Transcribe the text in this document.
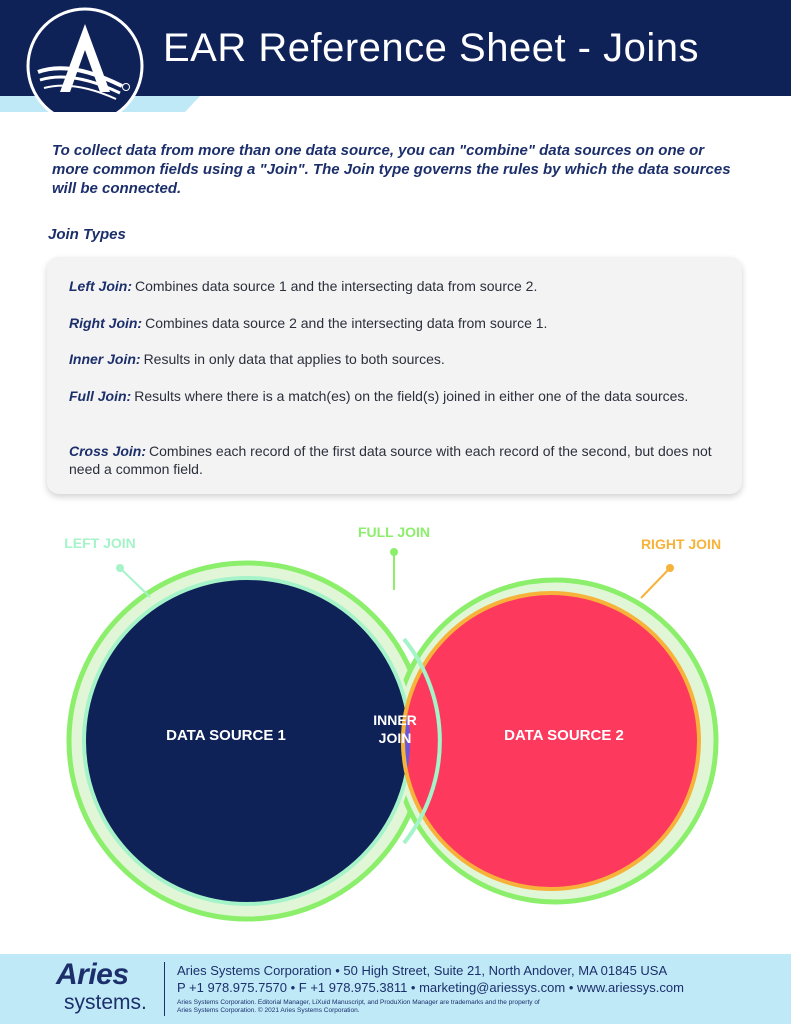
EAR Reference Sheet - Joins
To collect data from more than one data source, you can "combine" data sources on one or more common fields using a "Join". The Join type governs the rules by which the data sources will be connected.
Join Types
Left Join: Combines data source 1 and the intersecting data from source 2.
Right Join: Combines data source 2 and the intersecting data from source 1.
Inner Join: Results in only data that applies to both sources.
Full Join: Results where there is a match(es) on the field(s) joined in either one of the data sources.
Cross Join: Combines each record of the first data source with each record of the second, but does not need a common field.
LEFT JOIN
FULL JOIN
RIGHT JOIN
DATA SOURCE 1	DATA SOURCE 2
INNER
JOIN
Aries
systems.
Aries Systems Corporation • 50 High Street, Suite 21, North Andover, MA 01845 USA
P +1 978.975.7570 • F +1 978.975.3811 • marketing@ariessys.com • www.ariessys.com
Aries Systems Corporation. Editorial Manager, LiXuid Manuscript, and ProduXion Manager are trademarks and the property of
Aries Systems Corporation. © 2021 Aries Systems Corporation.
